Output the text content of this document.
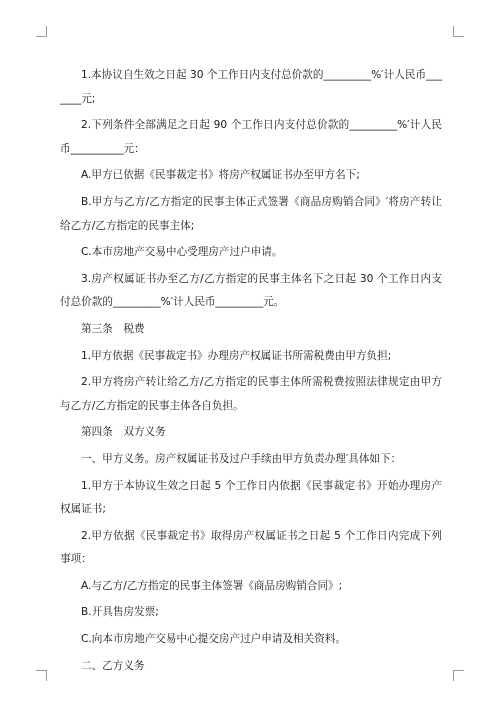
1.本协议自生效之日起 30 个工作日内支付总价款的_________%′计人民币_______元;

2.下列条件全部满足之日起 90 个工作日内支付总价款的_________%′计人民币__________元：

A.甲方已依据《民事裁定书》将房产权属证书办至甲方名下;

B.甲方与乙方/乙方指定的民事主体正式签署《商品房购销合同》′将房产转让给乙方/乙方指定的民事主体;

C.本市房地产交易中心受理房产过户申请。

3.房产权属证书办至乙方/乙方指定的民事主体名下之日起 30 个工作日内支付总价款的_________%′计人民币_________元。

第三条　税费

1.甲方依据《民事裁定书》办理房产权属证书所需税费由甲方负担;

2.甲方将房产转让给乙方/乙方指定的民事主体所需税费按照法律规定由甲方与乙方/乙方指定的民事主体各自负担。

第四条　双方义务

一、甲方义务。房产权属证书及过户手续由甲方负责办理′具体如下：

1.甲方于本协议生效之日起 5 个工作日内依据《民事裁定书》开始办理房产权属证书;

2.甲方依据《民事裁定书》取得房产权属证书之日起 5 个工作日内完成下列事项：

A.与乙方/乙方指定的民事主体签署《商品房购销合同》;

B.开具售房发票;

C.向本市房地产交易中心提交房产过户申请及相关资料。

二、乙方义务
